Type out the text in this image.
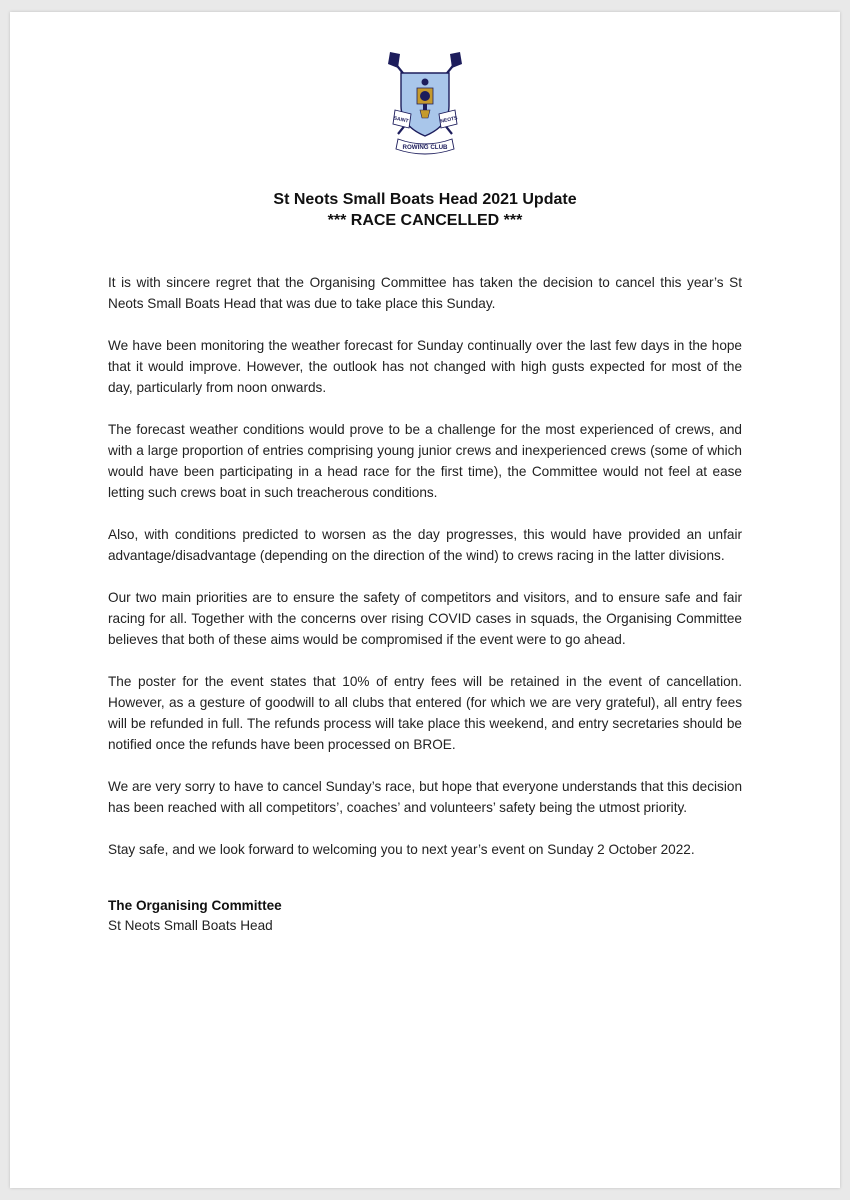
SAINT	NEOTS
ROWING CLUB
St Neots Small Boats Head 2021 Update
*** RACE CANCELLED ***

It is with sincere regret that the Organising Committee has taken the decision to cancel this year’s St Neots Small Boats Head that was due to take place this Sunday.

We have been monitoring the weather forecast for Sunday continually over the last few days in the hope that it would improve. However, the outlook has not changed with high gusts expected for most of the day, particularly from noon onwards.

The forecast weather conditions would prove to be a challenge for the most experienced of crews, and with a large proportion of entries comprising young junior crews and inexperienced crews (some of which would have been participating in a head race for the first time), the Committee would not feel at ease letting such crews boat in such treacherous conditions.

Also, with conditions predicted to worsen as the day progresses, this would have provided an unfair advantage/disadvantage (depending on the direction of the wind) to crews racing in the latter divisions.

Our two main priorities are to ensure the safety of competitors and visitors, and to ensure safe and fair racing for all. Together with the concerns over rising COVID cases in squads, the Organising Committee believes that both of these aims would be compromised if the event were to go ahead.

The poster for the event states that 10% of entry fees will be retained in the event of cancellation. However, as a gesture of goodwill to all clubs that entered (for which we are very grateful), all entry fees will be refunded in full. The refunds process will take place this weekend, and entry secretaries should be notified once the refunds have been processed on BROE.

We are very sorry to have to cancel Sunday’s race, but hope that everyone understands that this decision has been reached with all competitors’, coaches’ and volunteers’ safety being the utmost priority.

Stay safe, and we look forward to welcoming you to next year’s event on Sunday 2 October 2022.

The Organising Committee
St Neots Small Boats Head
